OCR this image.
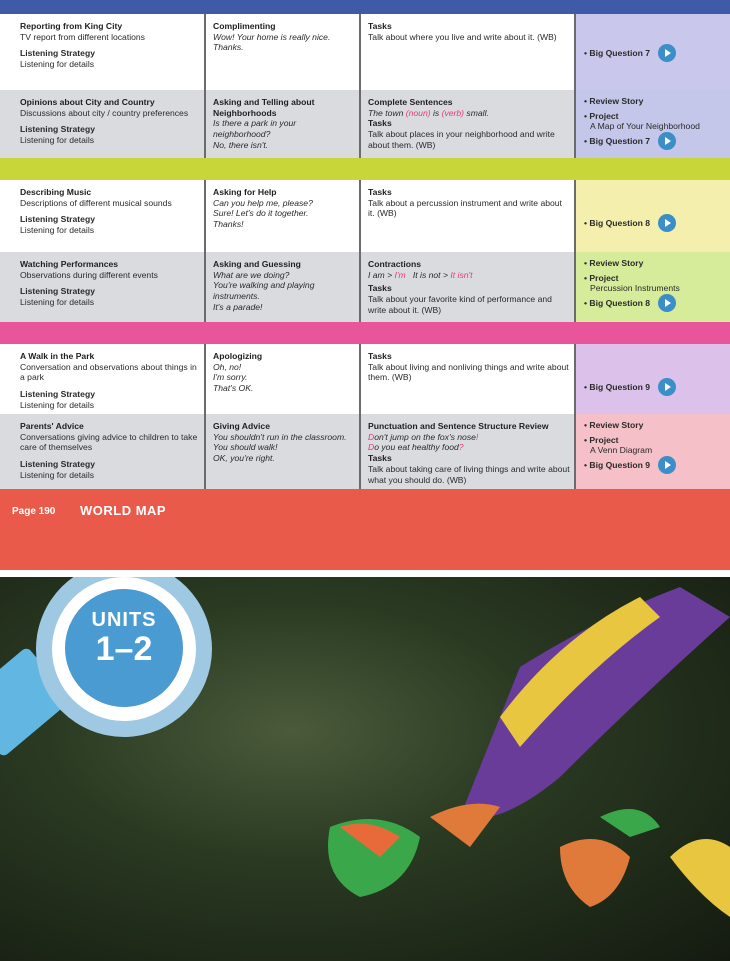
Reporting from King City
TV report from different locations
Listening Strategy
Listening for details
Complimenting
Wow! Your home is really nice.
Thanks.
Tasks
Talk about where you live and write about it. (WB)
• Big Question 7
Opinions about City and Country
Discussions about city / country preferences
Listening Strategy
Listening for details
Asking and Telling about Neighborhoods
Is there a park in your neighborhood?
No, there isn't.
Complete Sentences
The town (noun) is (verb) small.
Tasks
Talk about places in your neighborhood and write about them. (WB)
• Review Story
• Project
A Map of Your Neighborhood
• Big Question 7
Describing Music
Descriptions of different musical sounds
Listening Strategy
Listening for details
Asking for Help
Can you help me, please?
Sure! Let's do it together.
Thanks!
Tasks
Talk about a percussion instrument and write about it. (WB)
• Big Question 8
Watching Performances
Observations during different events
Listening Strategy
Listening for details
Asking and Guessing
What are we doing?
You're walking and playing instruments.
It's a parade!
Contractions
I am > I'm   It is not > It isn't
Tasks
Talk about your favorite kind of performance and write about it. (WB)
• Review Story
• Project
Percussion Instruments
• Big Question 8
A Walk in the Park
Conversation and observations about things in a park
Listening Strategy
Listening for details
Apologizing
Oh, no!
I'm sorry.
That's OK.
Tasks
Talk about living and nonliving things and write about them. (WB)
• Big Question 9
Parents' Advice
Conversations giving advice to children to take care of themselves
Listening Strategy
Listening for details
Giving Advice
You shouldn't run in the classroom.
You should walk!
OK, you're right.
Punctuation and Sentence Structure Review
Don't jump on the fox's nose!
Do you eat healthy food?
Tasks
Talk about taking care of living things and write about what you should do. (WB)
• Review Story
• Project
A Venn Diagram
• Big Question 9
Page 190 WORLD MAP
UNITS
1–2
